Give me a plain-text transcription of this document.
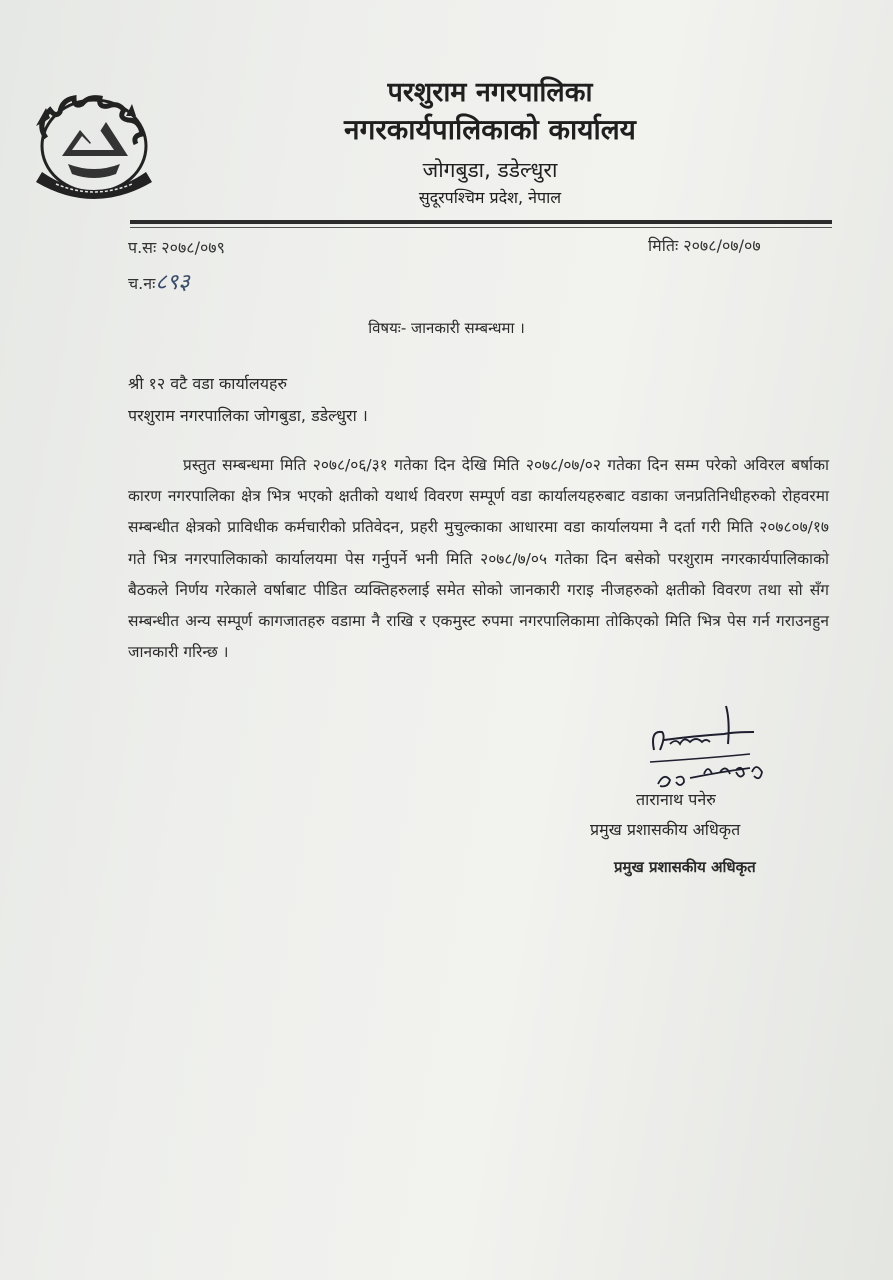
परशुराम नगरपालिका
नगरकार्यपालिकाको कार्यालय
जोगबुडा, डडेल्धुरा
सुदूरपश्चिम प्रदेश, नेपाल
प.सः २०७८/०७९	मितिः २०७८/०७/०७
च.नः८९३
विषयः- जानकारी सम्बन्धमा ।
श्री १२ वटै वडा कार्यालयहरु
परशुराम नगरपालिका जोगबुडा, डडेल्धुरा ।
प्रस्तुत सम्बन्धमा मिति २०७८/०६/३१ गतेका दिन देखि मिति २०७८/०७/०२ गतेका दिन सम्म परेको अविरल बर्षाका कारण नगरपालिका क्षेत्र भित्र भएको क्षतीको यथार्थ विवरण सम्पूर्ण वडा कार्यालयहरुबाट वडाका जनप्रतिनिधीहरुको रोहवरमा सम्बन्धीत क्षेत्रको प्राविधीक कर्मचारीको प्रतिवेदन, प्रहरी मुचुल्काका आधारमा वडा कार्यालयमा नै दर्ता गरी मिति २०७८०७/१७ गते भित्र नगरपालिकाको कार्यालयमा पेस गर्नुपर्ने भनी मिति २०७८/७/०५ गतेका दिन बसेको परशुराम नगरकार्यपालिकाको बैठकले निर्णय गरेकाले वर्षाबाट पीडित व्यक्तिहरुलाई समेत सोको जानकारी गराइ नीजहरुको क्षतीको विवरण तथा सो सँग सम्बन्धीत अन्य सम्पूर्ण कागजातहरु वडामा नै राखि र एकमुस्ट रुपमा नगरपालिकामा तोकिएको मिति भित्र पेस गर्न गराउनहुन जानकारी गरिन्छ ।
तारानाथ पनेरु
प्रमुख प्रशासकीय अधिकृत
प्रमुख प्रशासकीय अधिकृत
